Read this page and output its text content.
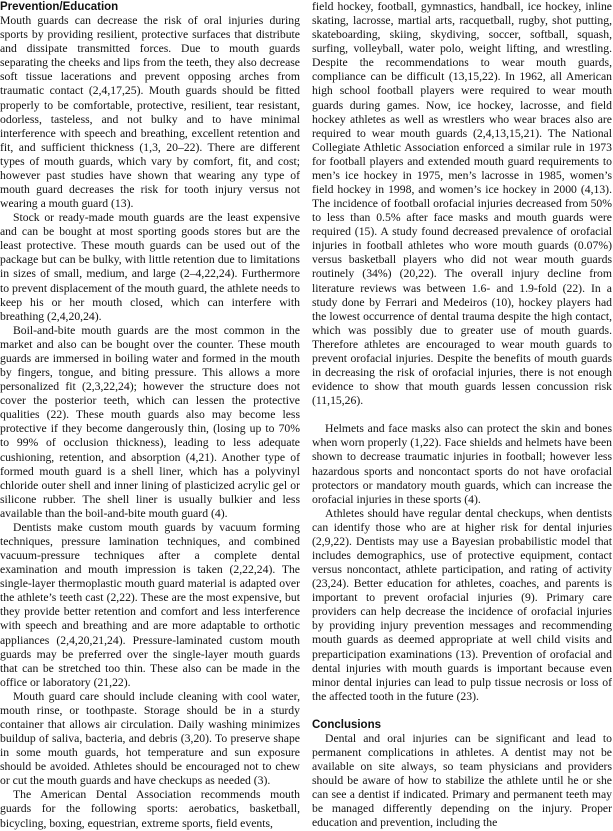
Prevention/Education

Mouth guards can decrease the risk of oral injuries during sports by providing resilient, protective surfaces that distribute and dissipate transmitted forces. Due to mouth guards separating the cheeks and lips from the teeth, they also decrease soft tissue lacerations and prevent opposing arches from traumatic contact (2,4,17,25). Mouth guards should be fitted properly to be comfortable, protective, resilient, tear resistant, odorless, tasteless, and not bulky and to have minimal interference with speech and breathing, excellent retention and fit, and sufficient thickness (1,3, 20–22). There are different types of mouth guards, which vary by comfort, fit, and cost; however past studies have shown that wearing any type of mouth guard decreases the risk for tooth injury versus not wearing a mouth guard (13).

Stock or ready-made mouth guards are the least expensive and can be bought at most sporting goods stores but are the least protective. These mouth guards can be used out of the package but can be bulky, with little retention due to limitations in sizes of small, medium, and large (2–4,22,24). Furthermore to prevent displacement of the mouth guard, the athlete needs to keep his or her mouth closed, which can interfere with breathing (2,4,20,24).

Boil-and-bite mouth guards are the most common in the market and also can be bought over the counter. These mouth guards are immersed in boiling water and formed in the mouth by fingers, tongue, and biting pressure. This allows a more personalized fit (2,3,22,24); however the structure does not cover the posterior teeth, which can lessen the protective qualities (22). These mouth guards also may become less protective if they become dangerously thin, (losing up to 70% to 99% of occlusion thickness), leading to less adequate cushioning, retention, and absorption (4,21). Another type of formed mouth guard is a shell liner, which has a polyvinyl chloride outer shell and inner lining of plasticized acrylic gel or silicone rubber. The shell liner is usually bulkier and less available than the boil-and-bite mouth guard (4).

Dentists make custom mouth guards by vacuum forming techniques, pressure lamination techniques, and combined vacuum-pressure techniques after a complete dental examination and mouth impression is taken (2,22,24). The single-layer thermoplastic mouth guard material is adapted over the athlete’s teeth cast (2,22). These are the most expensive, but they provide better retention and comfort and less interference with speech and breathing and are more adaptable to orthotic appliances (2,4,20,21,24). Pressure-laminated custom mouth guards may be preferred over the single-layer mouth guards that can be stretched too thin. These also can be made in the office or laboratory (21,22).

Mouth guard care should include cleaning with cool water, mouth rinse, or toothpaste. Storage should be in a sturdy container that allows air circulation. Daily washing minimizes buildup of saliva, bacteria, and debris (3,20). To preserve shape in some mouth guards, hot temperature and sun exposure should be avoided. Athletes should be encouraged not to chew or cut the mouth guards and have checkups as needed (3).

The American Dental Association recommends mouth guards for the following sports: aerobatics, basketball, bicycling, boxing, equestrian, extreme sports, field events,

field hockey, football, gymnastics, handball, ice hockey, inline skating, lacrosse, martial arts, racquetball, rugby, shot putting, skateboarding, skiing, skydiving, soccer, softball, squash, surfing, volleyball, water polo, weight lifting, and wrestling. Despite the recommendations to wear mouth guards, compliance can be difficult (13,15,22). In 1962, all American high school football players were required to wear mouth guards during games. Now, ice hockey, lacrosse, and field hockey athletes as well as wrestlers who wear braces also are required to wear mouth guards (2,4,13,15,21). The National Collegiate Athletic Association enforced a similar rule in 1973 for football players and extended mouth guard requirements to men’s ice hockey in 1975, men’s lacrosse in 1985, women’s field hockey in 1998, and women’s ice hockey in 2000 (4,13). The incidence of football orofacial injuries decreased from 50% to less than 0.5% after face masks and mouth guards were required (15). A study found decreased prevalence of orofacial injuries in football athletes who wore mouth guards (0.07%) versus basketball players who did not wear mouth guards routinely (34%) (20,22). The overall injury decline from literature reviews was between 1.6- and 1.9-fold (22). In a study done by Ferrari and Medeiros (10), hockey players had the lowest occurrence of dental trauma despite the high contact, which was possibly due to greater use of mouth guards. Therefore athletes are encouraged to wear mouth guards to prevent orofacial injuries. Despite the benefits of mouth guards in decreasing the risk of orofacial injuries, there is not enough evidence to show that mouth guards lessen concussion risk (11,15,26).

Helmets and face masks also can protect the skin and bones when worn properly (1,22). Face shields and helmets have been shown to decrease traumatic injuries in football; however less hazardous sports and noncontact sports do not have orofacial protectors or mandatory mouth guards, which can increase the orofacial injuries in these sports (4).

Athletes should have regular dental checkups, when dentists can identify those who are at higher risk for dental injuries (2,9,22). Dentists may use a Bayesian probabilistic model that includes demographics, use of protective equipment, contact versus noncontact, athlete participation, and rating of activity (23,24). Better education for athletes, coaches, and parents is important to prevent orofacial injuries (9). Primary care providers can help decrease the incidence of orofacial injuries by providing injury prevention messages and recommending mouth guards as deemed appropriate at well child visits and preparticipation examinations (13). Prevention of orofacial and dental injuries with mouth guards is important because even minor dental injuries can lead to pulp tissue necrosis or loss of the affected tooth in the future (23).

Conclusions

Dental and oral injuries can be significant and lead to permanent complications in athletes. A dentist may not be available on site always, so team physicians and providers should be aware of how to stabilize the athlete until he or she can see a dentist if indicated. Primary and permanent teeth may be managed differently depending on the injury. Proper education and prevention, including the
